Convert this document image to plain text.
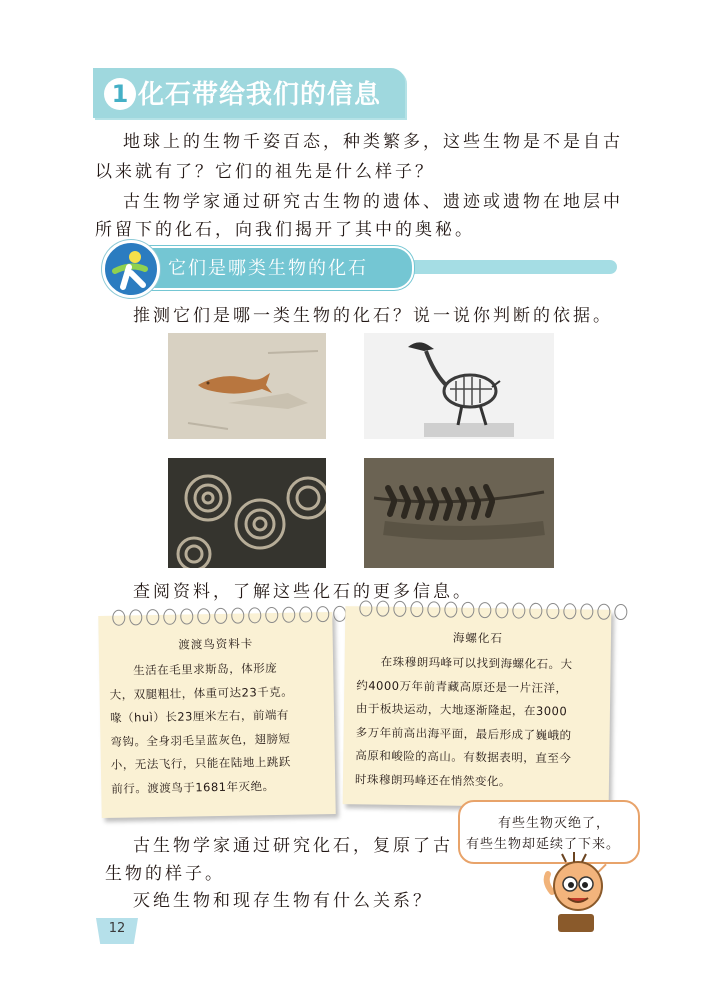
1 化石带给我们的信息
地球上的生物千姿百态，种类繁多，这些生物是不是自古
以来就有了？它们的祖先是什么样子？
古生物学家通过研究古生物的遗体、遗迹或遗物在地层中
所留下的化石，向我们揭开了其中的奥秘。
它们是哪类生物的化石
推测它们是哪一类生物的化石？说一说你判断的依据。
查阅资料，了解这些化石的更多信息。
渡渡鸟资料卡
生活在毛里求斯岛，体形庞
大，双腿粗壮，体重可达23千克。
喙（huì）长23厘米左右，前端有
弯钩。全身羽毛呈蓝灰色，翅膀短
小，无法飞行，只能在陆地上跳跃
前行。渡渡鸟于1681年灭绝。
海螺化石
在珠穆朗玛峰可以找到海螺化石。大
约4000万年前青藏高原还是一片汪洋，
由于板块运动，大地逐渐隆起，在3000
多万年前高出海平面，最后形成了巍峨的
高原和峻险的高山。有数据表明，直至今
时珠穆朗玛峰还在悄然变化。
有些生物灭绝了，
有些生物却延续了下来。
古生物学家通过研究化石，复原了古
生物的样子。
灭绝生物和现存生物有什么关系？
12
